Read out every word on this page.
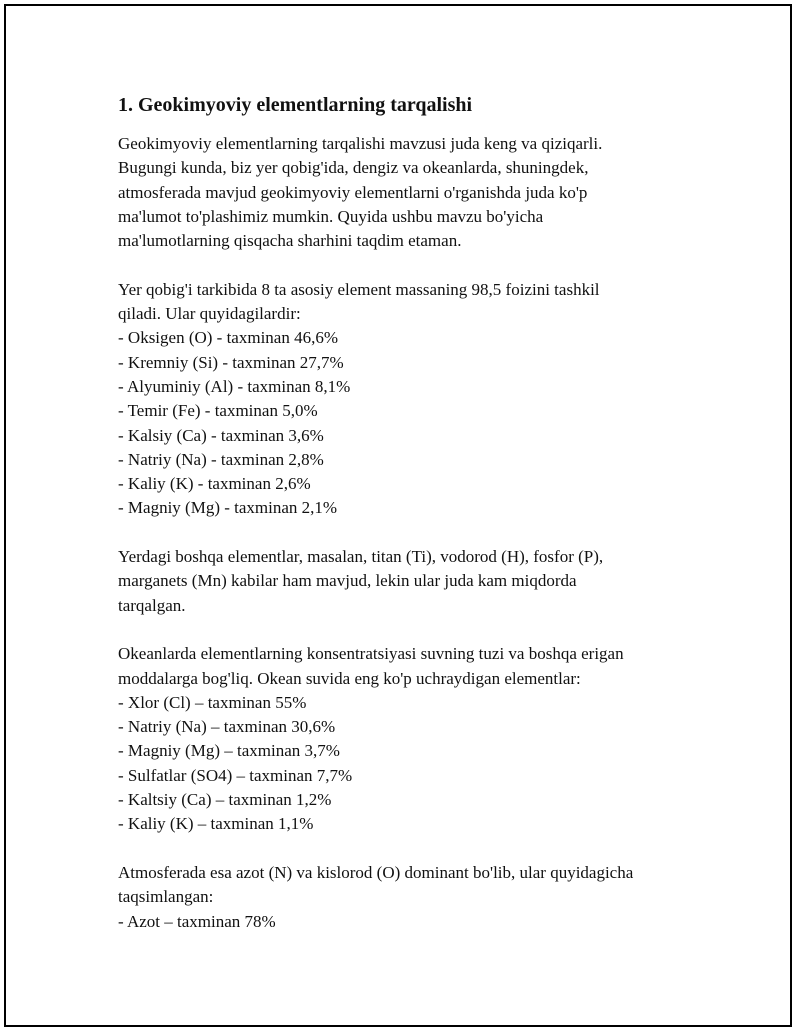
1. Geokimyoviy elementlarning tarqalishi

Geokimyoviy elementlarning tarqalishi mavzusi juda keng va qiziqarli.
Bugungi kunda, biz yer qobig'ida, dengiz va okeanlarda, shuningdek,
atmosferada mavjud geokimyoviy elementlarni o'rganishda juda ko'p
ma'lumot to'plashimiz mumkin. Quyida ushbu mavzu bo'yicha
ma'lumotlarning qisqacha sharhini taqdim etaman.

Yer qobig'i tarkibida 8 ta asosiy element massaning 98,5 foizini tashkil
qiladi. Ular quyidagilardir:
- Oksigen (O) - taxminan 46,6%
- Kremniy (Si) - taxminan 27,7%
- Alyuminiy (Al) - taxminan 8,1%
- Temir (Fe) - taxminan 5,0%
- Kalsiy (Ca) - taxminan 3,6%
- Natriy (Na) - taxminan 2,8%
- Kaliy (K) - taxminan 2,6%
- Magniy (Mg) - taxminan 2,1%

Yerdagi boshqa elementlar, masalan, titan (Ti), vodorod (H), fosfor (P),
marganets (Mn) kabilar ham mavjud, lekin ular juda kam miqdorda
tarqalgan.

Okeanlarda elementlarning konsentratsiyasi suvning tuzi va boshqa erigan
moddalarga bog'liq. Okean suvida eng ko'p uchraydigan elementlar:
- Xlor (Cl) – taxminan 55%
- Natriy (Na) – taxminan 30,6%
- Magniy (Mg) – taxminan 3,7%
- Sulfatlar (SO4) – taxminan 7,7%
- Kaltsiy (Ca) – taxminan 1,2%
- Kaliy (K) – taxminan 1,1%

Atmosferada esa azot (N) va kislorod (O) dominant bo'lib, ular quyidagicha
taqsimlangan:
- Azot – taxminan 78%
